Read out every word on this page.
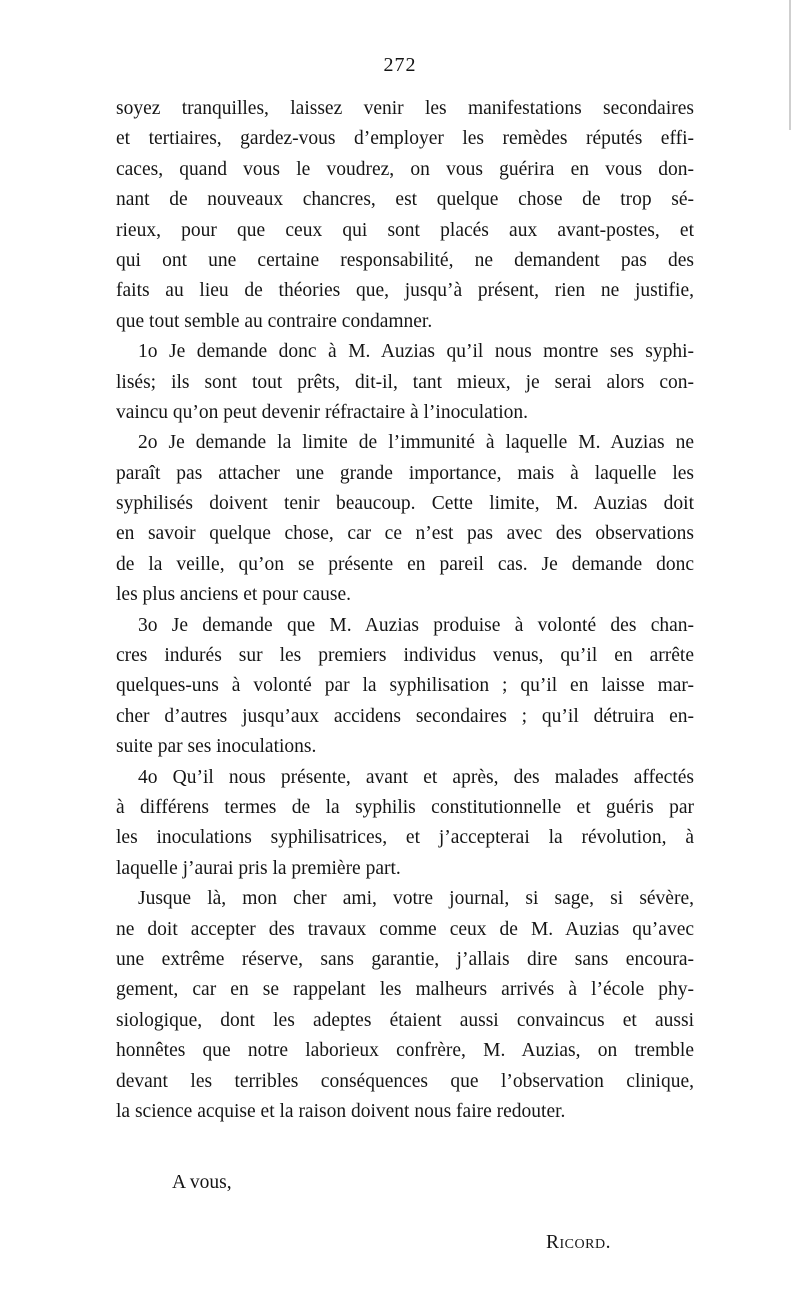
272
soyez tranquilles, laissez venir les manifestations secondaires
et tertiaires, gardez-vous d’employer les remèdes réputés effi-
caces, quand vous le voudrez, on vous guérira en vous don-
nant de nouveaux chancres, est quelque chose de trop sé-
rieux, pour que ceux qui sont placés aux avant-postes, et
qui ont une certaine responsabilité, ne demandent pas des
faits au lieu de théories que, jusqu’à présent, rien ne justifie,
que tout semble au contraire condamner.
1o Je demande donc à M. Auzias qu’il nous montre ses syphi-
lisés; ils sont tout prêts, dit-il, tant mieux, je serai alors con-
vaincu qu’on peut devenir réfractaire à l’inoculation.
2o Je demande la limite de l’immunité à laquelle M. Auzias ne
paraît pas attacher une grande importance, mais à laquelle les
syphilisés doivent tenir beaucoup. Cette limite, M. Auzias doit
en savoir quelque chose, car ce n’est pas avec des observations
de la veille, qu’on se présente en pareil cas. Je demande donc
les plus anciens et pour cause.
3o Je demande que M. Auzias produise à volonté des chan-
cres indurés sur les premiers individus venus, qu’il en arrête
quelques-uns à volonté par la syphilisation ; qu’il en laisse mar-
cher d’autres jusqu’aux accidens secondaires ; qu’il détruira en-
suite par ses inoculations.
4o Qu’il nous présente, avant et après, des malades affectés
à différens termes de la syphilis constitutionnelle et guéris par
les inoculations syphilisatrices, et j’accepterai la révolution, à
laquelle j’aurai pris la première part.
Jusque là, mon cher ami, votre journal, si sage, si sévère,
ne doit accepter des travaux comme ceux de M. Auzias qu’avec
une extrême réserve, sans garantie, j’allais dire sans encoura-
gement, car en se rappelant les malheurs arrivés à l’école phy-
siologique, dont les adeptes étaient aussi convaincus et aussi
honnêtes que notre laborieux confrère, M. Auzias, on tremble
devant les terribles conséquences que l’observation clinique,
la science acquise et la raison doivent nous faire redouter.
A vous,
Ricord.
